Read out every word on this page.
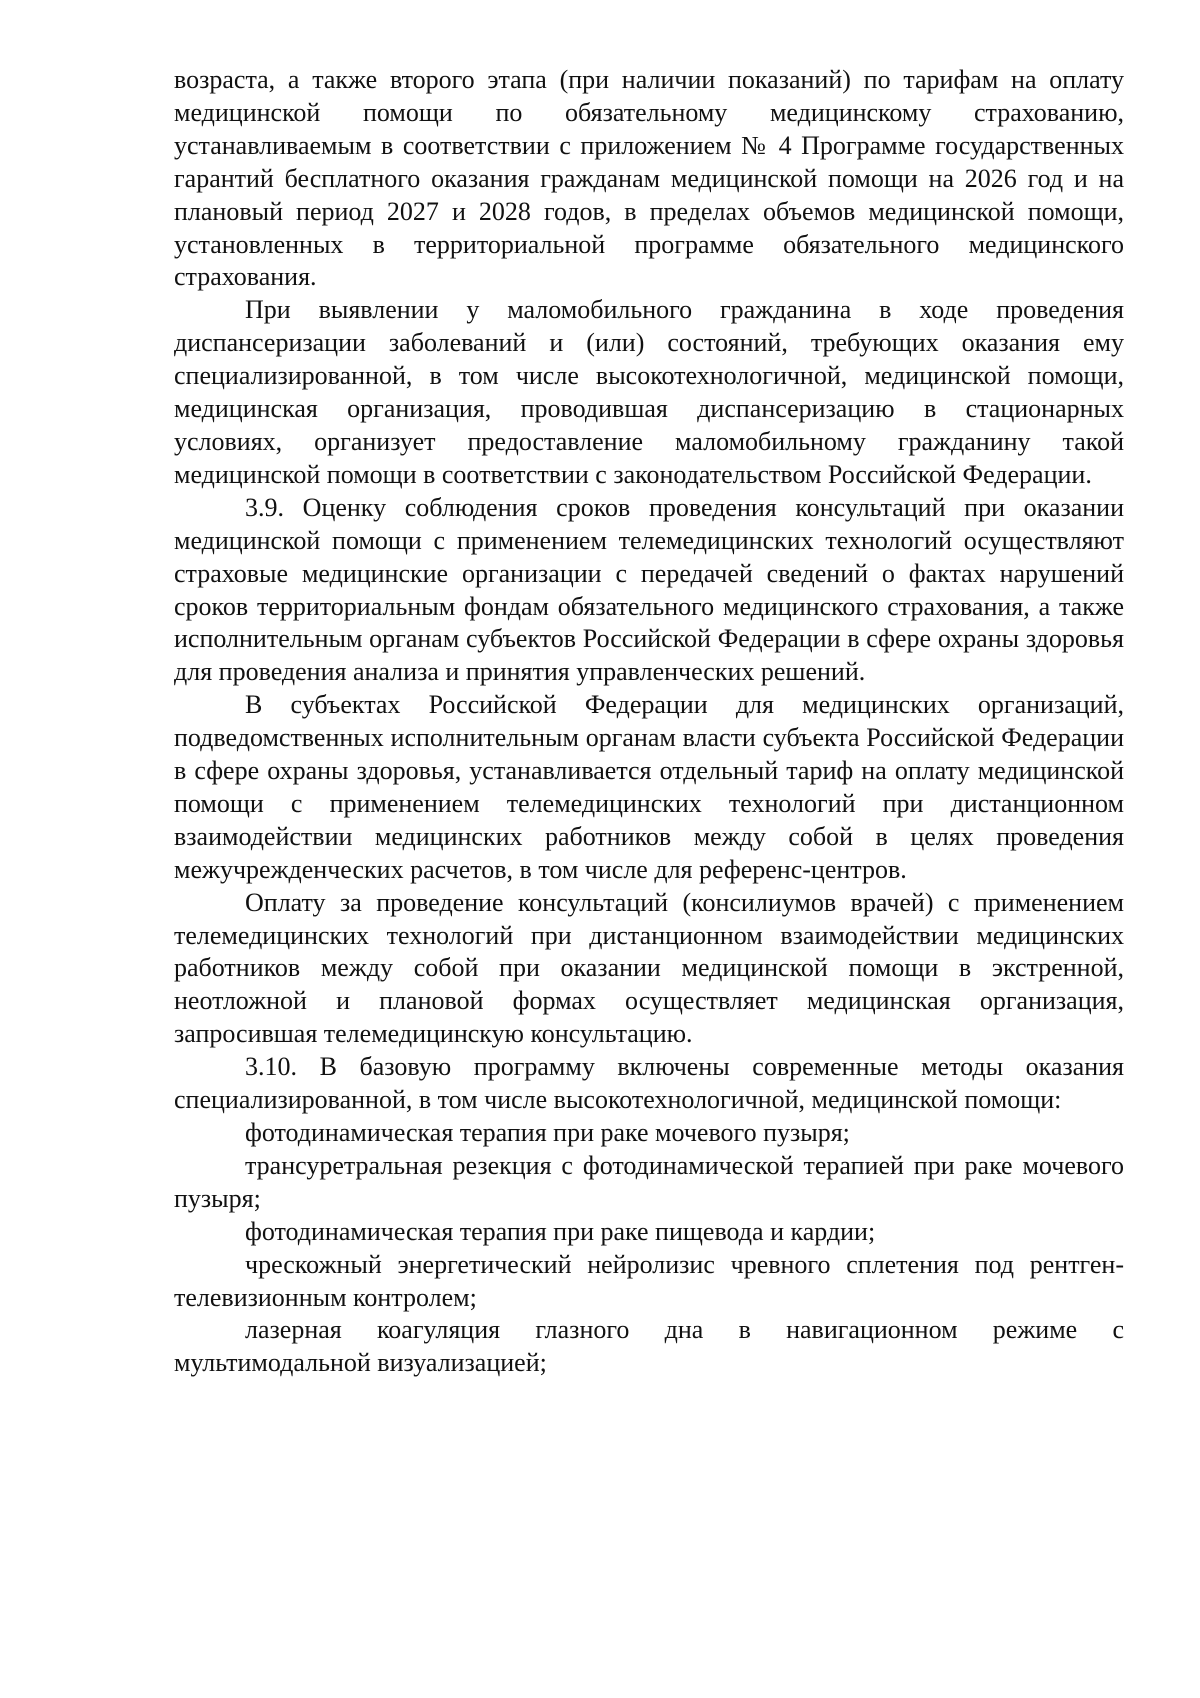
возраста, а также второго этапа (при наличии показаний) по тарифам на оплату медицинской помощи по обязательному медицинскому страхованию, устанавливаемым в соответствии с приложением № 4 Программе государственных гарантий бесплатного оказания гражданам медицинской помощи на 2026 год и на плановый период 2027 и 2028 годов, в пределах объемов медицинской помощи, установленных в территориальной программе обязательного медицинского страхования.

При выявлении у маломобильного гражданина в ходе проведения диспансеризации заболеваний и (или) состояний, требующих оказания ему специализированной, в том числе высокотехнологичной, медицинской помощи, медицинская организация, проводившая диспансеризацию в стационарных условиях, организует предоставление маломобильному гражданину такой медицинской помощи в соответствии с законодательством Российской Федерации.

3.9. Оценку соблюдения сроков проведения консультаций при оказании медицинской помощи с применением телемедицинских технологий осуществляют страховые медицинские организации с передачей сведений о фактах нарушений сроков территориальным фондам обязательного медицинского страхования, а также исполнительным органам субъектов Российской Федерации в сфере охраны здоровья для проведения анализа и принятия управленческих решений.

В субъектах Российской Федерации для медицинских организаций, подведомственных исполнительным органам власти субъекта Российской Федерации в сфере охраны здоровья, устанавливается отдельный тариф на оплату медицинской помощи с применением телемедицинских технологий при дистанционном взаимодействии медицинских работников между собой в целях проведения межучрежденческих расчетов, в том числе для референс-центров.

Оплату за проведение консультаций (консилиумов врачей) с применением телемедицинских технологий при дистанционном взаимодействии медицинских работников между собой при оказании медицинской помощи в экстренной, неотложной и плановой формах осуществляет медицинская организация, запросившая телемедицинскую консультацию.

3.10. В базовую программу включены современные методы оказания специализированной, в том числе высокотехнологичной, медицинской помощи:

фотодинамическая терапия при раке мочевого пузыря;

трансуретральная резекция с фотодинамической терапией при раке мочевого пузыря;

фотодинамическая терапия при раке пищевода и кардии;

чрескожный энергетический нейролизис чревного сплетения под рентген-телевизионным контролем;

лазерная коагуляция глазного дна в навигационном режиме с мультимодальной визуализацией;
